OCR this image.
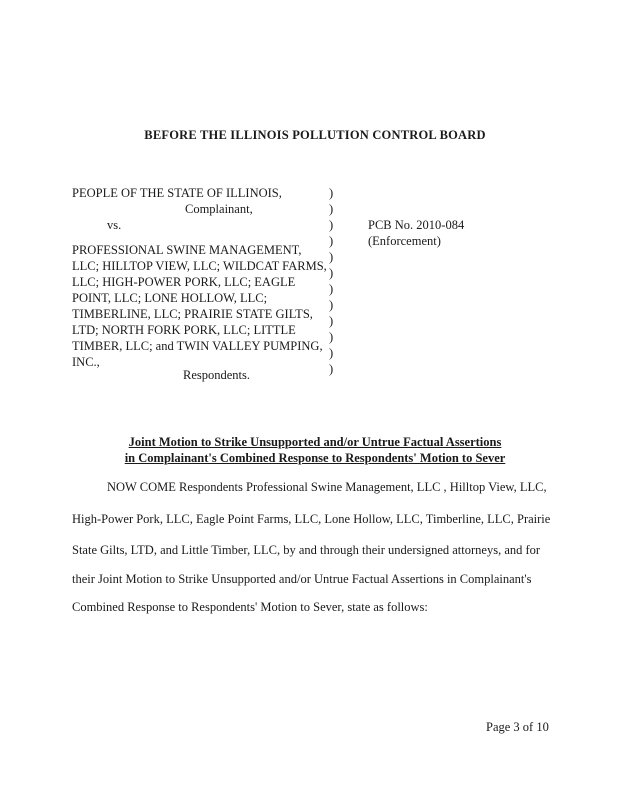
BEFORE THE ILLINOIS POLLUTION CONTROL BOARD
PEOPLE OF THE STATE OF ILLINOIS,
Complainant,
vs.
PROFESSIONAL SWINE MANAGEMENT,
LLC; HILLTOP VIEW, LLC; WILDCAT FARMS,
LLC; HIGH-POWER PORK, LLC; EAGLE
POINT, LLC; LONE HOLLOW, LLC;
TIMBERLINE, LLC; PRAIRIE STATE GILTS,
LTD; NORTH FORK PORK, LLC; LITTLE
TIMBER, LLC; and TWIN VALLEY PUMPING,
INC.,
Respondents.
)
)
)
)
)
)
)
)
)
)
)
)
PCB No. 2010-084
(Enforcement)
Joint Motion to Strike Unsupported and/or Untrue Factual Assertions
in Complainant's Combined Response to Respondents' Motion to Sever
NOW COME Respondents Professional Swine Management, LLC , Hilltop View, LLC,
High-Power Pork, LLC, Eagle Point Farms, LLC, Lone Hollow, LLC, Timberline, LLC, Prairie
State Gilts, LTD, and Little Timber, LLC, by and through their undersigned attorneys, and for
their Joint Motion to Strike Unsupported and/or Untrue Factual Assertions in Complainant's
Combined Response to Respondents' Motion to Sever, state as follows:
Page 3 of 10
